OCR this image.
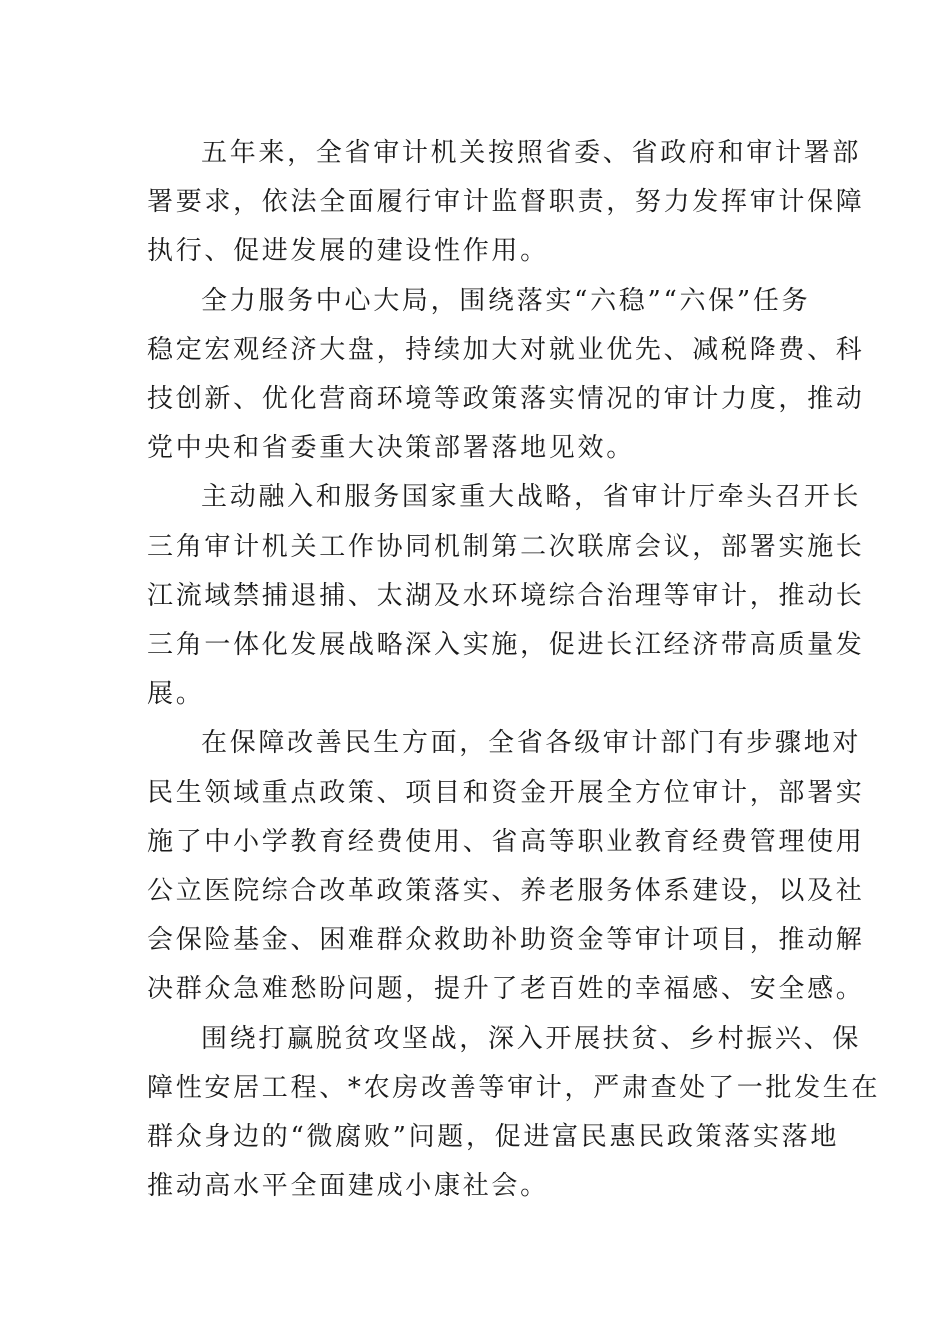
五年来，全省审计机关按照省委、省政府和审计署部
署要求，依法全面履行审计监督职责，努力发挥审计保障
执行、促进发展的建设性作用。

全力服务中心大局，围绕落实“六稳”“六保”任务
稳定宏观经济大盘，持续加大对就业优先、减税降费、科
技创新、优化营商环境等政策落实情况的审计力度，推动
党中央和省委重大决策部署落地见效。

主动融入和服务国家重大战略，省审计厅牵头召开长
三角审计机关工作协同机制第二次联席会议，部署实施长
江流域禁捕退捕、太湖及水环境综合治理等审计，推动长
三角一体化发展战略深入实施，促进长江经济带高质量发
展。

在保障改善民生方面，全省各级审计部门有步骤地对
民生领域重点政策、项目和资金开展全方位审计，部署实
施了中小学教育经费使用、省高等职业教育经费管理使用
公立医院综合改革政策落实、养老服务体系建设，以及社
会保险基金、困难群众救助补助资金等审计项目，推动解
决群众急难愁盼问题，提升了老百姓的幸福感、安全感。

围绕打赢脱贫攻坚战，深入开展扶贫、乡村振兴、保
障性安居工程、*农房改善等审计，严肃查处了一批发生在
群众身边的“微腐败”问题，促进富民惠民政策落实落地
推动高水平全面建成小康社会。
